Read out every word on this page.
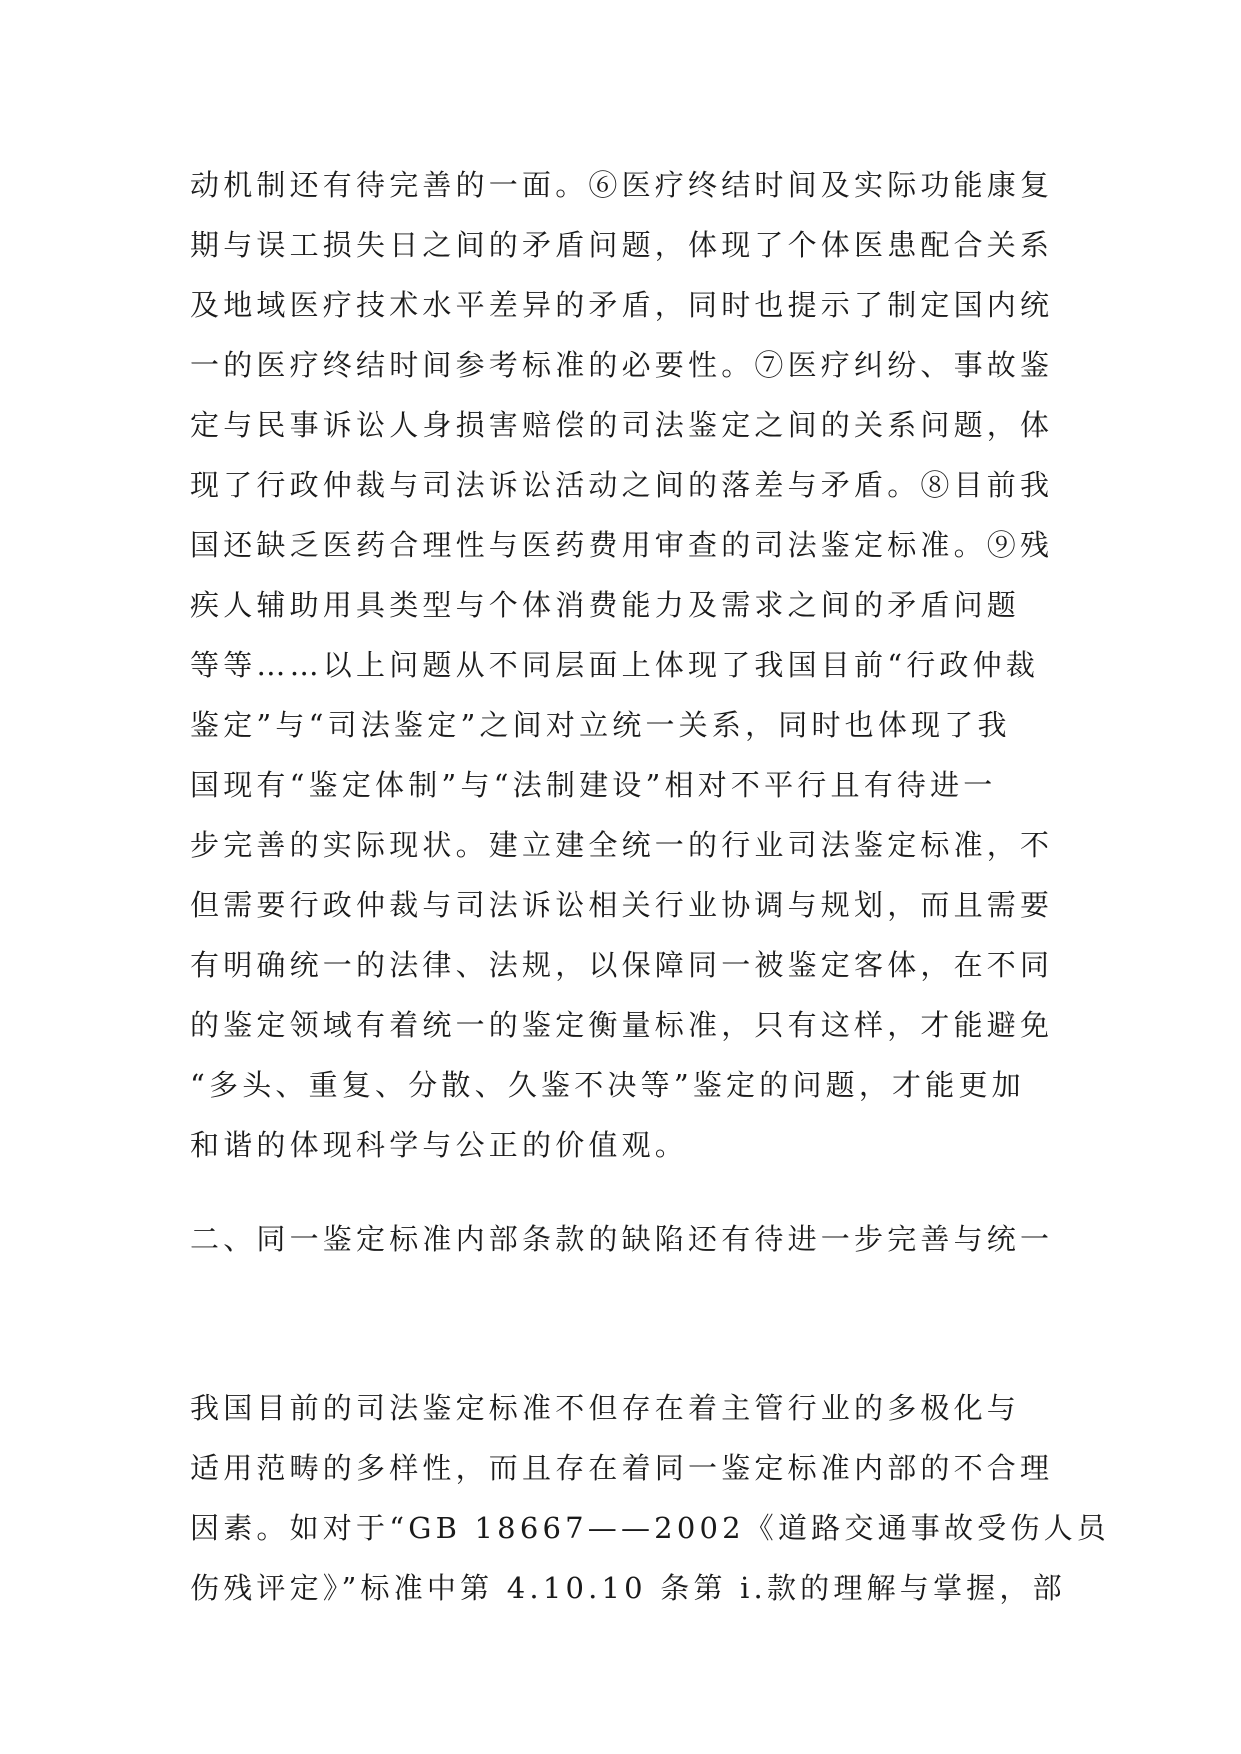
动机制还有待完善的一面。⑥医疗终结时间及实际功能康复
期与误工损失日之间的矛盾问题，体现了个体医患配合关系
及地域医疗技术水平差异的矛盾，同时也提示了制定国内统
一的医疗终结时间参考标准的必要性。⑦医疗纠纷、事故鉴
定与民事诉讼人身损害赔偿的司法鉴定之间的关系问题，体
现了行政仲裁与司法诉讼活动之间的落差与矛盾。⑧目前我
国还缺乏医药合理性与医药费用审查的司法鉴定标准。⑨残
疾人辅助用具类型与个体消费能力及需求之间的矛盾问题
等等……以上问题从不同层面上体现了我国目前“行政仲裁
鉴定”与“司法鉴定”之间对立统一关系，同时也体现了我
国现有“鉴定体制”与“法制建设”相对不平行且有待进一
步完善的实际现状。建立建全统一的行业司法鉴定标准，不
但需要行政仲裁与司法诉讼相关行业协调与规划，而且需要
有明确统一的法律、法规，以保障同一被鉴定客体，在不同
的鉴定领域有着统一的鉴定衡量标准，只有这样，才能避免
“多头、重复、分散、久鉴不决等”鉴定的问题，才能更加
和谐的体现科学与公正的价值观。
二、同一鉴定标准内部条款的缺陷还有待进一步完善与统一
我国目前的司法鉴定标准不但存在着主管行业的多极化与
适用范畴的多样性，而且存在着同一鉴定标准内部的不合理
因素。如对于“GB 18667——2002《道路交通事故受伤人员
伤残评定》”标准中第 4.10.10 条第 i.款的理解与掌握，部
